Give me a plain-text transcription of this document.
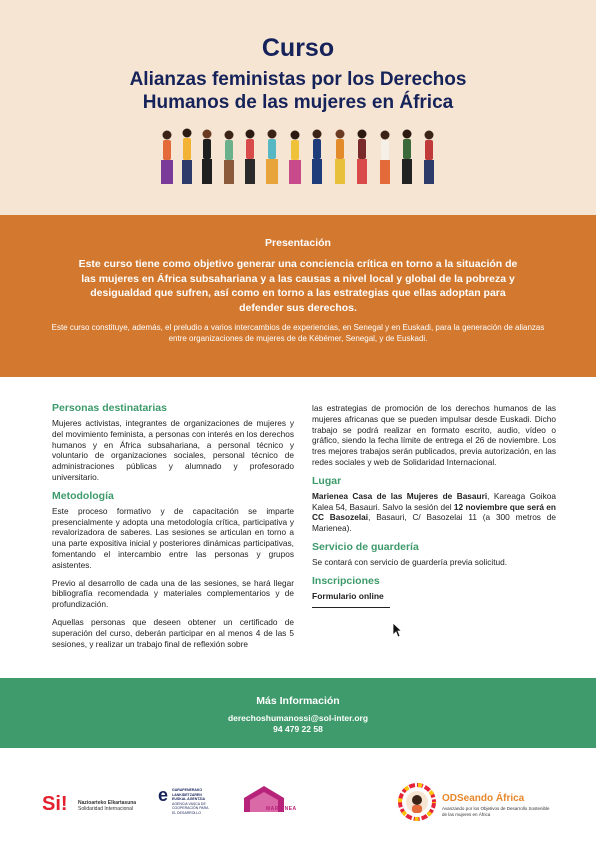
Curso
Alianzas feministas por los Derechos
Humanos de las mujeres en África
Presentación
Este curso tiene como objetivo generar una conciencia crítica en torno a la situación de las mujeres en África subsahariana y a las causas a nivel local y global de la pobreza y desigualdad que sufren, así como en torno a las estrategias que ellas adoptan para defender sus derechos.
Este curso constituye, además, el preludio a varios intercambios de experiencias, en Senegal y en Euskadi, para la generación de alianzas entre organizaciones de mujeres de de Kébémer, Senegal, y de Euskadi.
Personas destinatarias

Mujeres activistas, integrantes de organizaciones de mujeres y del movimiento feminista, a personas con interés en los derechos humanos y en África subsahariana, a personal técnico y voluntario de organizaciones sociales, personal técnico de administraciones públicas y alumnado y profesorado universitario.

Metodología

Este proceso formativo y de capacitación se imparte presencialmente y adopta una metodología crítica, participativa y revalorizadora de saberes. Las sesiones se articulan en torno a una parte expositiva inicial y posteriores dinámicas participativas, fomentando el intercambio entre las personas y grupos asistentes.

Previo al desarrollo de cada una de las sesiones, se hará llegar bibliografía recomendada y materiales complementarios y de profundización.

Aquellas personas que deseen obtener un certificado de superación del curso, deberán participar en al menos 4 de las 5 sesiones, y realizar un trabajo final de reflexión sobre

las estrategias de promoción de los derechos humanos de las mujeres africanas que se pueden impulsar desde Euskadi. Dicho trabajo se podrá realizar en formato escrito, audio, vídeo o gráfico, siendo la fecha límite de entrega el 26 de noviembre. Los tres mejores trabajos serán publicados, previa autorización, en las redes sociales y web de Solidaridad Internacional.

Lugar

Marienea Casa de las Mujeres de Basauri, Kareaga Goikoa Kalea 54, Basauri. Salvo la sesión del 12 noviembre que será en CC Basozelai, Basauri, C/ Basozelai 11 (a 300 metros de Marienea).

Servicio de guardería

Se contará con servicio de guardería previa solicitud.

Inscripciones
Formulario online
Más Información
derechoshumanossi@sol-inter.org
94 479 22 58
Si! Nazioarteko Elkartasuna
Solidaridad Internacional
e	GARAPENERAKO
LANKIDETZAREN
EUSKAL AGENTZIA
AGENCIA VASCA DE
COOPERACIÓN PARA
EL DESARROLLO
MARIENEA
ODSeando África
Avanzando por los Objetivos de Desarrollo Sostenible de las mujeres en África
